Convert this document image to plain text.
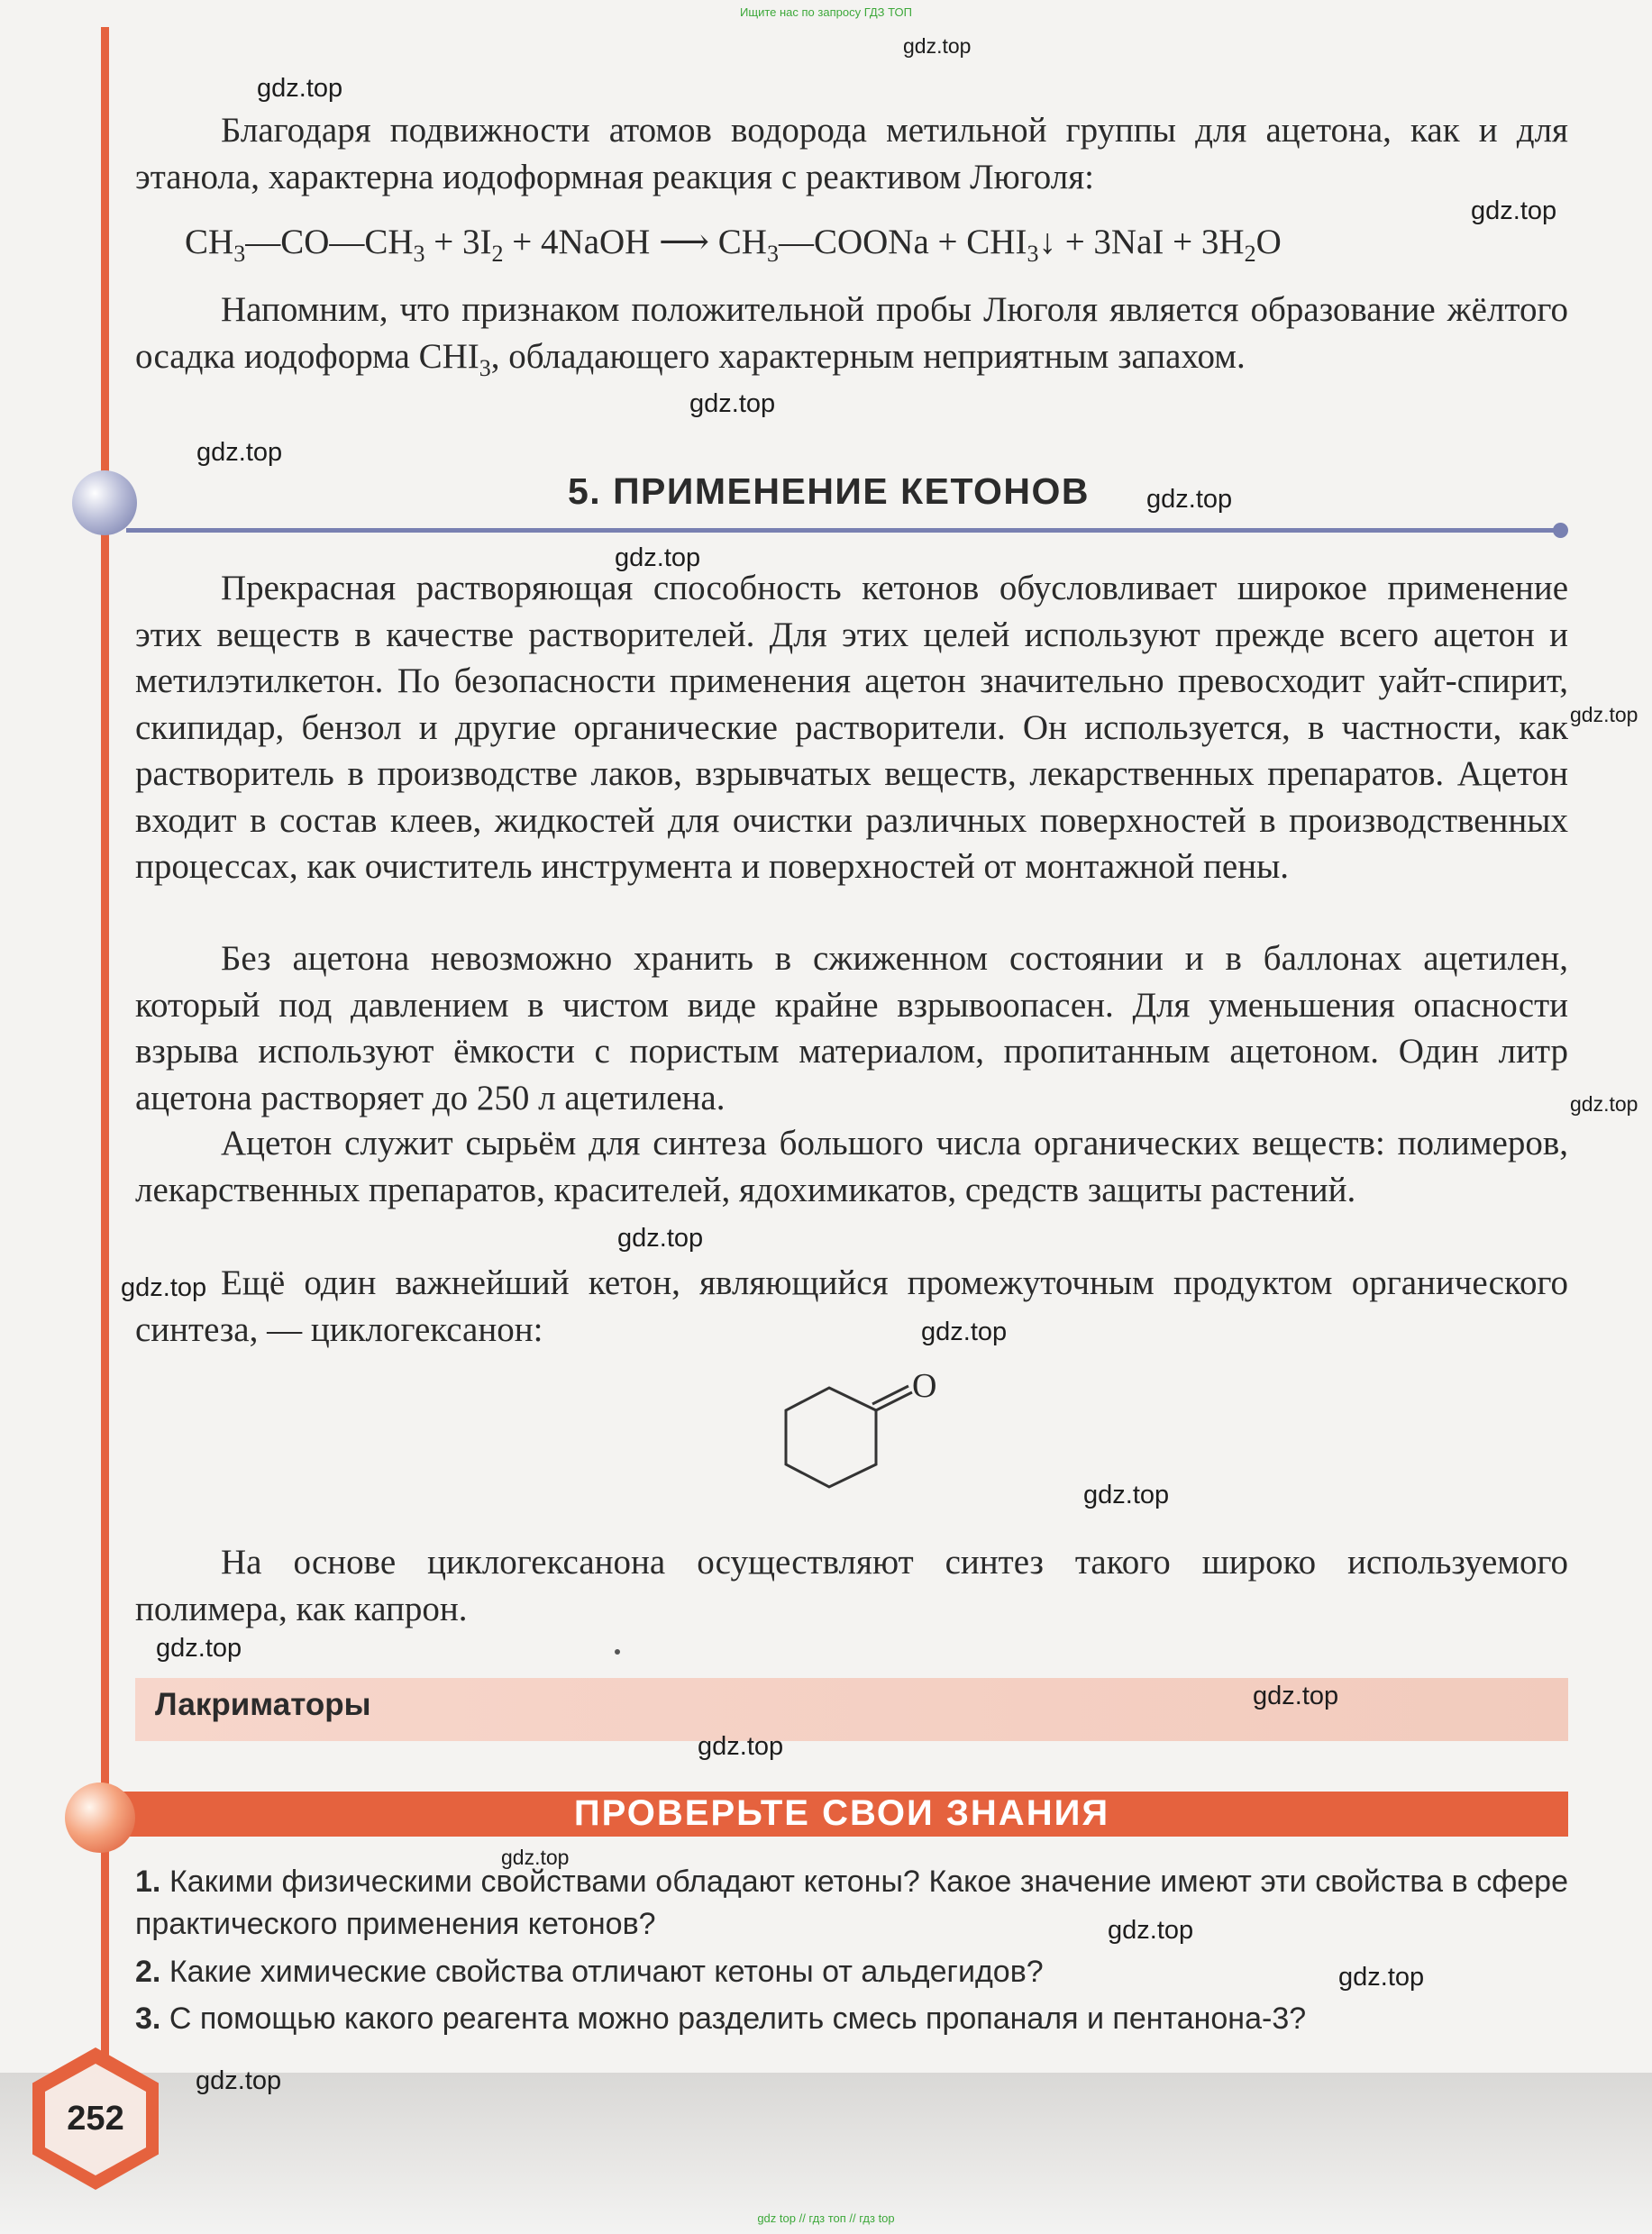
Ищите нас по запросу ГДЗ ТОП
Благодаря подвижности атомов водорода метильной группы для ацетона, как и для этанола, характерна иодоформная реакция с реактивом Люголя:
$CH_3—CO—CH_3 + 3I_2$ + 4NaOH ⟶ $CH_3—COONa$ + $CHI_3↓ + 3NaI + 3H_2O$
Напомним, что признаком положительной пробы Люголя является образование жёлтого осадка иодоформа $CHI_3$, обладающего характерным неприятным запахом.
5. ПРИМЕНЕНИЕ КЕТОНОВ
Прекрасная растворяющая способность кетонов обусловливает широкое применение этих веществ в качестве растворителей. Для этих целей используют прежде всего ацетон и метилэтилкетон. По безопасности применения ацетон значительно превосходит уайт-спирит, скипидар, бензол и другие органические растворители. Он используется, в частности, как растворитель в производстве лаков, взрывчатых веществ, лекарственных препаратов. Ацетон входит в состав клеев, жидкостей для очистки различных поверхностей в производственных процессах, как очиститель инструмента и поверхностей от монтажной пены.
Без ацетона невозможно хранить в сжиженном состоянии и в баллонах ацетилен, который под давлением в чистом виде крайне взрывоопасен. Для уменьшения опасности взрыва используют ёмкости с пористым материалом, пропитанным ацетоном. Один литр ацетона растворяет до 250 л ацетилена.
Ацетон служит сырьём для синтеза большого числа органических веществ: полимеров, лекарственных препаратов, красителей, ядохимикатов, средств защиты растений.
Ещё один важнейший кетон, являющийся промежуточным продуктом органического синтеза, — циклогексанон:
O
На основе циклогексанона осуществляют синтез такого широко используемого полимера, как капрон.
Лакриматоры
ПРОВЕРЬТЕ СВОИ ЗНАНИЯ
1. Какими физическими свойствами обладают кетоны? Какое значение имеют эти свойства в сфере практического применения кетонов?
2. Какие химические свойства отличают кетоны от альдегидов?
3. С помощью какого реагента можно разделить смесь пропаналя и пентанона-3?
252
gdz.top
gdz.top
gdz.top
gdz.top
gdz.top
gdz.top
gdz.top
gdz.top
gdz.top
gdz.top
gdz.top
gdz.top
gdz.top
gdz.top
gdz.top
gdz.top
gdz.top
gdz.top
gdz.top
gdz.top
gdz top // гдз топ // гдз top
